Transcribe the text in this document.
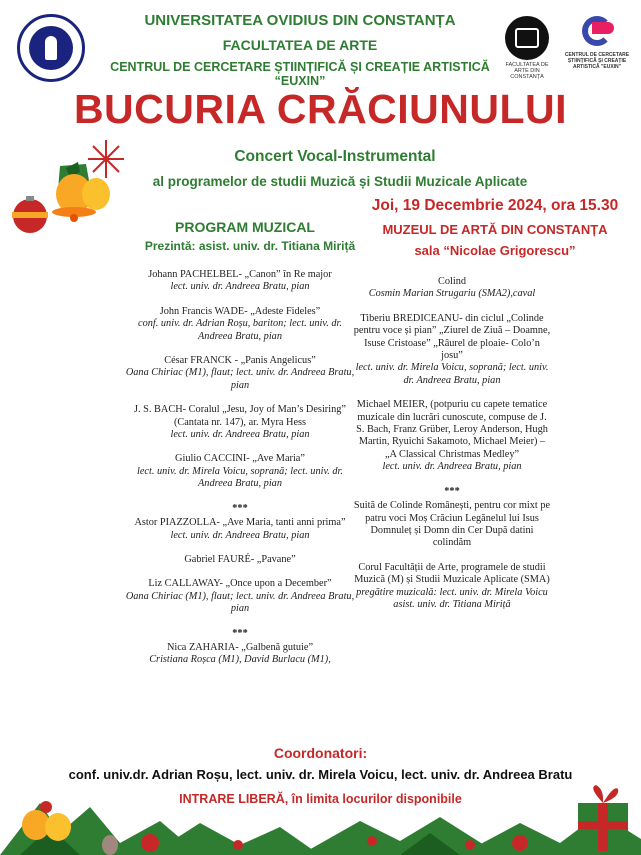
FACULTATEA DE ARTE DIN CONSTANȚA
CENTRUL DE CERCETARE ȘTIINȚIFICĂ ȘI CREAȚIE ARTISTICĂ "EUXIN"
UNIVERSITATEA OVIDIUS DIN CONSTANȚA
FACULTATEA DE ARTE
CENTRUL DE CERCETARE ȘTIINȚIFICĂ ȘI CREAȚIE ARTISTICĂ “EUXIN”
BUCURIA CRĂCIUNULUI
Concert Vocal-Instrumental
al programelor de studii Muzică și Studii Muzicale Aplicate
Joi, 19 Decembrie 2024, ora 15.30
MUZEUL DE ARTĂ DIN CONSTANȚA
sala “Nicolae Grigorescu”
PROGRAM MUZICAL
Prezintă: asist. univ. dr. Titiana Miriță
Johann PACHELBEL- „Canon” în Re major
lect. univ. dr. Andreea Bratu, pian
John Francis WADE- „Adeste Fideles”
conf. univ. dr. Adrian Roșu, bariton; lect. univ. dr. Andreea Bratu, pian
César FRANCK - „Panis Angelicus”
Oana Chiriac (M1), flaut; lect. univ. dr. Andreea Bratu, pian
J. S. BACH- Coralul „Jesu, Joy of Man’s Desiring” (Cantata nr. 147), ar. Myra Hess
lect. univ. dr. Andreea Bratu, pian
Giulio CACCINI- „Ave Maria”
lect. univ. dr. Mirela Voicu, soprană; lect. univ. dr. Andreea Bratu, pian
***
Astor PIAZZOLLA- „Ave Maria, tanti anni prima”
lect. univ. dr. Andreea Bratu, pian
Gabriel FAURÉ- „Pavane”
Liz CALLAWAY- „Once upon a December”
Oana Chiriac (M1), flaut; lect. univ. dr. Andreea Bratu, pian
***
Nica ZAHARIA- „Galbenă gutuie”
Cristiana Roșca (M1), David Burlacu (M1),
Colind
Cosmin Marian Strugariu (SMA2),caval
Tiberiu BREDICEANU- din ciclul „Colinde pentru voce și pian” „Ziurel de Ziuă – Doamne, Isuse Cristoase” „Râurel de ploaie- Colo’n josu”
lect. univ. dr. Mirela Voicu, soprană; lect. univ. dr. Andreea Bratu, pian
Michael MEIER, (potpuriu cu capete tematice muzicale din lucrări cunoscute, compuse de J. S. Bach, Franz Grüber, Leroy Anderson, Hugh Martin, Ryuichi Sakamoto, Michael Meier) – „A Classical Christmas Medley”
lect. univ. dr. Andreea Bratu, pian
***
Suită de Colinde Românești, pentru cor mixt pe patru voci Moș Crăciun Legănelul lui Isus Domnuleț și Domn din Cer După datini colindăm
Corul Facultății de Arte, programele de studii Muzică (M) și Studii Muzicale Aplicate (SMA)
pregătire muzicală: lect. univ. dr. Mirela Voicu asist. univ. dr. Titiana Miriță
Coordonatori:
conf. univ.dr. Adrian Roșu, lect. univ. dr. Mirela Voicu, lect. univ. dr. Andreea Bratu
INTRARE LIBERĂ, în limita locurilor disponibile
